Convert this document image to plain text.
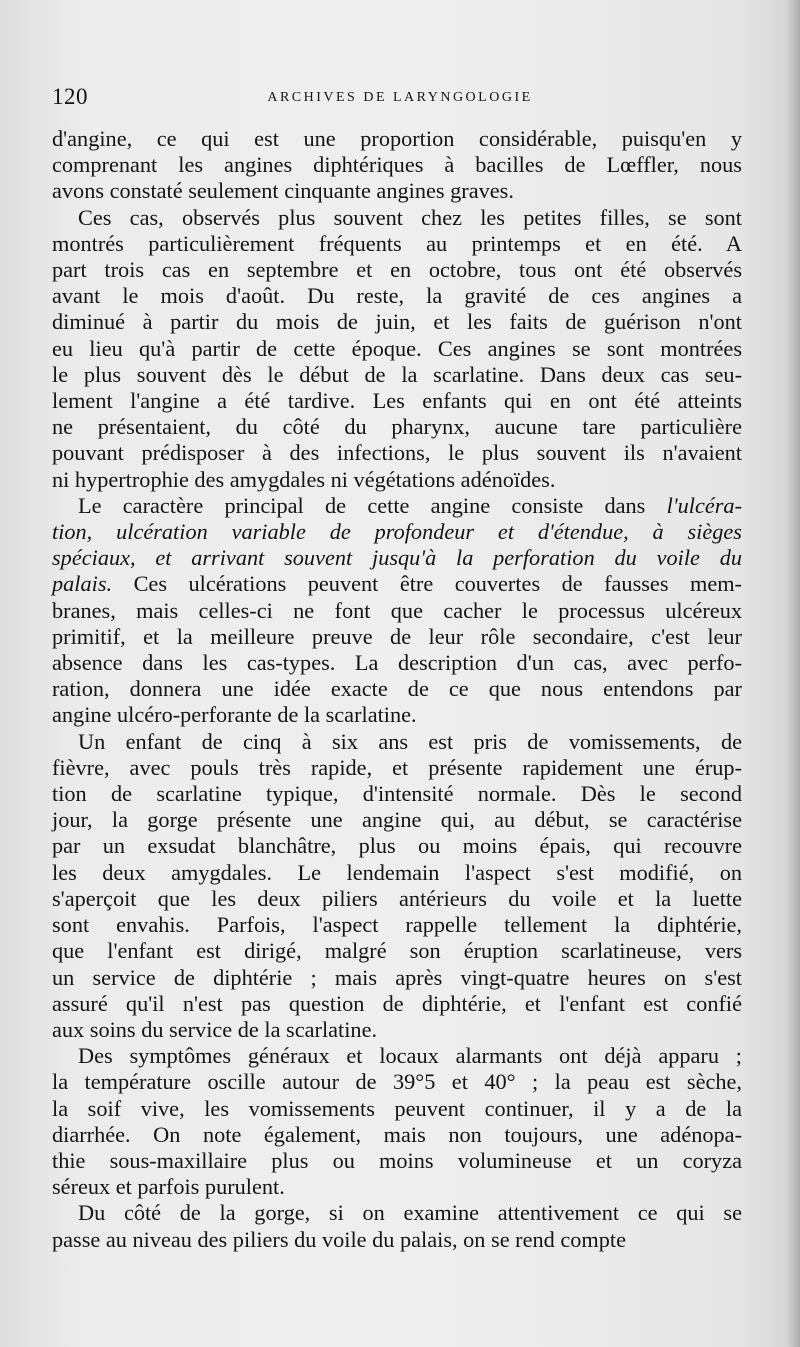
120	ARCHIVES DE LARYNGOLOGIE

d'angine, ce qui est une proportion considérable, puisqu'en y
comprenant les angines diphtériques à bacilles de Lœffler, nous
avons constaté seulement cinquante angines graves.

Ces cas, observés plus souvent chez les petites filles, se sont
montrés particulièrement fréquents au printemps et en été. A
part trois cas en septembre et en octobre, tous ont été observés
avant le mois d'août. Du reste, la gravité de ces angines a
diminué à partir du mois de juin, et les faits de guérison n'ont
eu lieu qu'à partir de cette époque. Ces angines se sont montrées
le plus souvent dès le début de la scarlatine. Dans deux cas seu-
lement l'angine a été tardive. Les enfants qui en ont été atteints
ne présentaient, du côté du pharynx, aucune tare particulière
pouvant prédisposer à des infections, le plus souvent ils n'avaient
ni hypertrophie des amygdales ni végétations adénoïdes.

Le caractère principal de cette angine consiste dans l'ulcéra-
tion, ulcération variable de profondeur et d'étendue, à sièges
spéciaux, et arrivant souvent jusqu'à la perforation du voile du
palais. Ces ulcérations peuvent être couvertes de fausses mem-
branes, mais celles-ci ne font que cacher le processus ulcéreux
primitif, et la meilleure preuve de leur rôle secondaire, c'est leur
absence dans les cas-types. La description d'un cas, avec perfo-
ration, donnera une idée exacte de ce que nous entendons par
angine ulcéro-perforante de la scarlatine.

Un enfant de cinq à six ans est pris de vomissements, de
fièvre, avec pouls très rapide, et présente rapidement une érup-
tion de scarlatine typique, d'intensité normale. Dès le second
jour, la gorge présente une angine qui, au début, se caractérise
par un exsudat blanchâtre, plus ou moins épais, qui recouvre
les deux amygdales. Le lendemain l'aspect s'est modifié, on
s'aperçoit que les deux piliers antérieurs du voile et la luette
sont envahis. Parfois, l'aspect rappelle tellement la diphtérie,
que l'enfant est dirigé, malgré son éruption scarlatineuse, vers
un service de diphtérie ; mais après vingt-quatre heures on s'est
assuré qu'il n'est pas question de diphtérie, et l'enfant est confié
aux soins du service de la scarlatine.

Des symptômes généraux et locaux alarmants ont déjà apparu ;
la température oscille autour de 39°5 et 40° ; la peau est sèche,
la soif vive, les vomissements peuvent continuer, il y a de la
diarrhée. On note également, mais non toujours, une adénopa-
thie sous-maxillaire plus ou moins volumineuse et un coryza
séreux et parfois purulent.

Du côté de la gorge, si on examine attentivement ce qui se
passe au niveau des piliers du voile du palais, on se rend compte
